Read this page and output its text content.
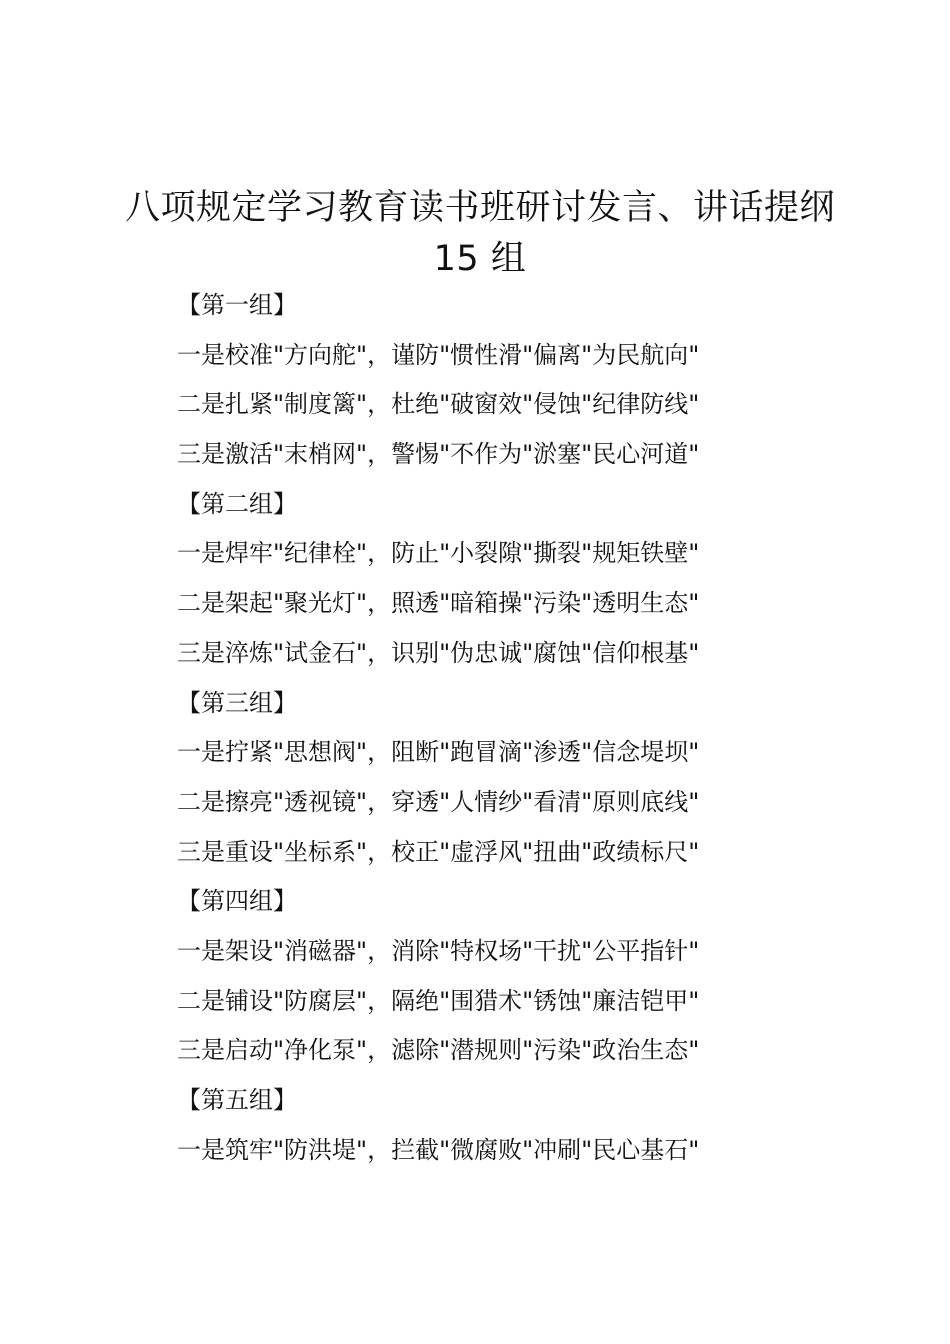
八项规定学习教育读书班研讨发言、讲话提纲
15 组
【第一组】
一是校准"方向舵"，谨防"惯性滑"偏离"为民航向"
二是扎紧"制度篱"，杜绝"破窗效"侵蚀"纪律防线"
三是激活"末梢网"，警惕"不作为"淤塞"民心河道"
【第二组】
一是焊牢"纪律栓"，防止"小裂隙"撕裂"规矩铁壁"
二是架起"聚光灯"，照透"暗箱操"污染"透明生态"
三是淬炼"试金石"，识别"伪忠诚"腐蚀"信仰根基"
【第三组】
一是拧紧"思想阀"，阻断"跑冒滴"渗透"信念堤坝"
二是擦亮"透视镜"，穿透"人情纱"看清"原则底线"
三是重设"坐标系"，校正"虚浮风"扭曲"政绩标尺"
【第四组】
一是架设"消磁器"，消除"特权场"干扰"公平指针"
二是铺设"防腐层"，隔绝"围猎术"锈蚀"廉洁铠甲"
三是启动"净化泵"，滤除"潜规则"污染"政治生态"
【第五组】
一是筑牢"防洪堤"，拦截"微腐败"冲刷"民心基石"
